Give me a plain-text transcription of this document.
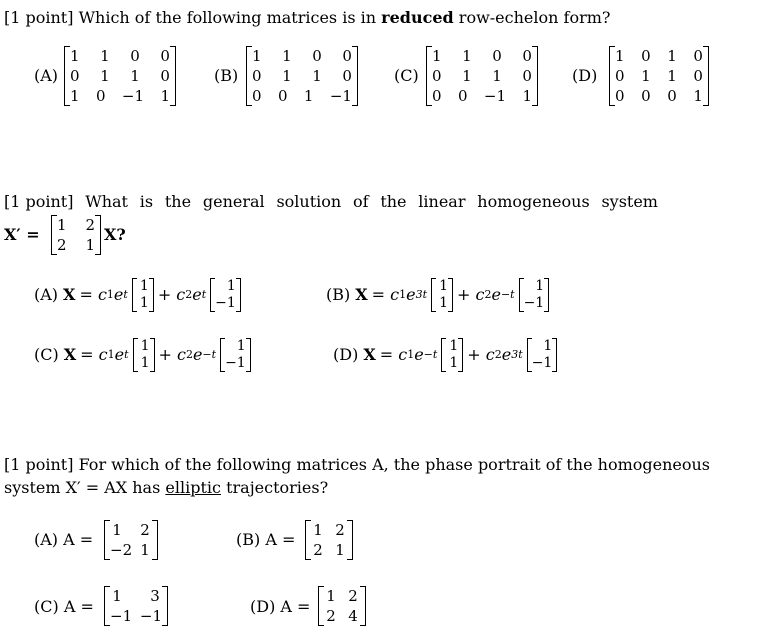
[1 point] Which of the following matrices is in reduced row-echelon form?
(A)
1 1 0 0
0 1 1 0
1 0 −1 1
(B)
1 1 0 0
0 1 1 0
0 0 1 −1
(C)
1 1 0 0
0 1 1 0
0 0 −1 1
(D)
1 0 1 0
0 1 1 0
0 0 0 1
[1 point] What is the general solution of the linear homogeneous system
X′ = 1 2
2 1
X?
(A) X = c 1 e t
1
1 + c 2 e t
1
−1	(B) X = c 1 e 3t
1
1 + c 2 e −t
1
−1
(C) X = c 1 e t
1
1 + c 2 e −t
1
−1	(D) X = c 1 e −t
1
1 + c 2 e 3t
1
−1
[1 point] For which of the following matrices A, the phase portrait of the homogeneous
system X′ = AX has elliptic trajectories?
(A) A = 1 2
−2 1
(B) A = 1 2
2 1
(C) A =
1 3
−1 −1	(D) A =
1 2
2 4
